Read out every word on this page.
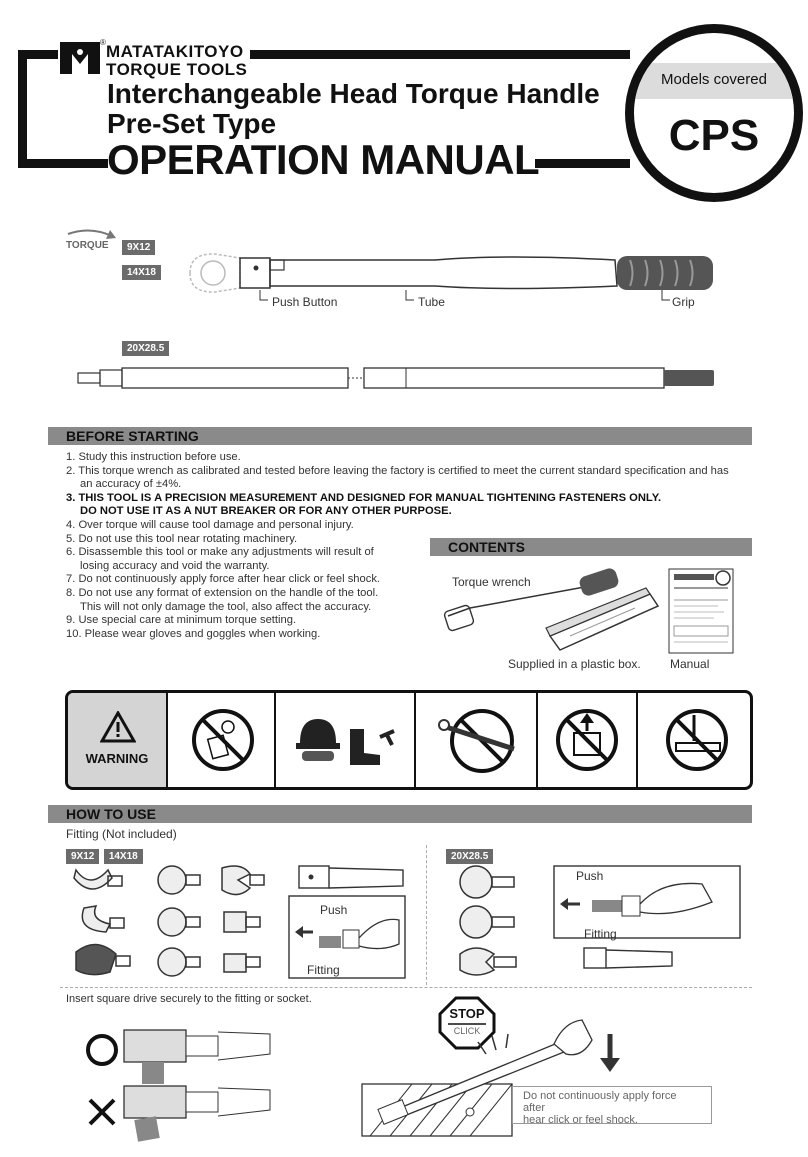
® MATATAKITOYO
TORQUE TOOLS
Interchangeable Head Torque Handle
Pre-Set Type
OPERATION MANUAL
Models covered
CPS
TORQUE	9X12
14X18
Push Button	Tube	Grip
20X28.5
BEFORE STARTING
1. Study this instruction before use.
2. This torque wrench as calibrated and tested before leaving the factory is certified to meet the current standard specification and has
an accuracy of ±4%.
3. THIS TOOL IS A PRECISION MEASUREMENT AND DESIGNED FOR MANUAL TIGHTENING FASTENERS ONLY.
DO NOT USE IT AS A NUT BREAKER OR FOR ANY OTHER PURPOSE.
4. Over torque will cause tool damage and personal injury.
5. Do not use this tool near rotating machinery.
6. Disassemble this tool or make any adjustments will result of
losing accuracy and void the warranty.
7. Do not continuously apply force after hear click or feel shock.
8. Do not use any format of extension on the handle of the tool.
This will not only damage the tool, also affect the accuracy.
9. Use special care at minimum torque setting.
10. Please wear gloves and goggles when working.
CONTENTS
Torque wrench
Supplied in a plastic box. Manual
WARNING
HOW TO USE
Fitting (Not included)
9X12 14X18	20X28.5
Push
Fitting
Push
Fitting
Insert square drive securely to the fitting or socket.
STOP
CLICK
Do not continuously apply force after
hear click or feel shock.
